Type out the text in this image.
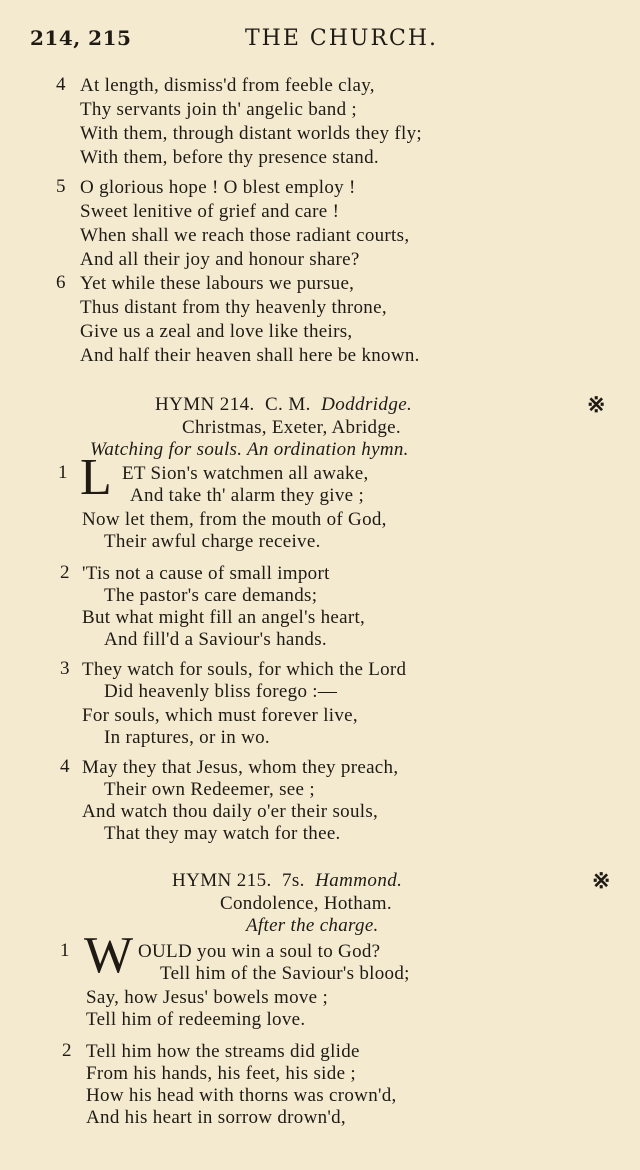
214, 215	THE CHURCH.
4 At length, dismiss'd from feeble clay,
Thy servants join th' angelic band ;
With them, through distant worlds they fly;
With them, before thy presence stand.
5 O glorious hope ! O blest employ !
Sweet lenitive of grief and care !
When shall we reach those radiant courts,
And all their joy and honour share?
6 Yet while these labours we pursue,
Thus distant from thy heavenly throne,
Give us a zeal and love like theirs,
And half their heaven shall here be known.
HYMN 214. C. M. Doddridge.	※
Christmas, Exeter, Abridge.
Watching for souls. An ordination hymn.
1 L ET Sion's watchmen all awake,
And take th' alarm they give ;
Now let them, from the mouth of God,
Their awful charge receive.
2 'Tis not a cause of small import
The pastor's care demands;
But what might fill an angel's heart,
And fill'd a Saviour's hands.
3 They watch for souls, for which the Lord
Did heavenly bliss forego :—
For souls, which must forever live,
In raptures, or in wo.
4 May they that Jesus, whom they preach,
Their own Redeemer, see ;
And watch thou daily o'er their souls,
That they may watch for thee.
HYMN 215. 7s. Hammond.	※
Condolence, Hotham.
After the charge.
1 W OULD you win a soul to God?
Tell him of the Saviour's blood;
Say, how Jesus' bowels move ;
Tell him of redeeming love.
2 Tell him how the streams did glide
From his hands, his feet, his side ;
How his head with thorns was crown'd,
And his heart in sorrow drown'd,
